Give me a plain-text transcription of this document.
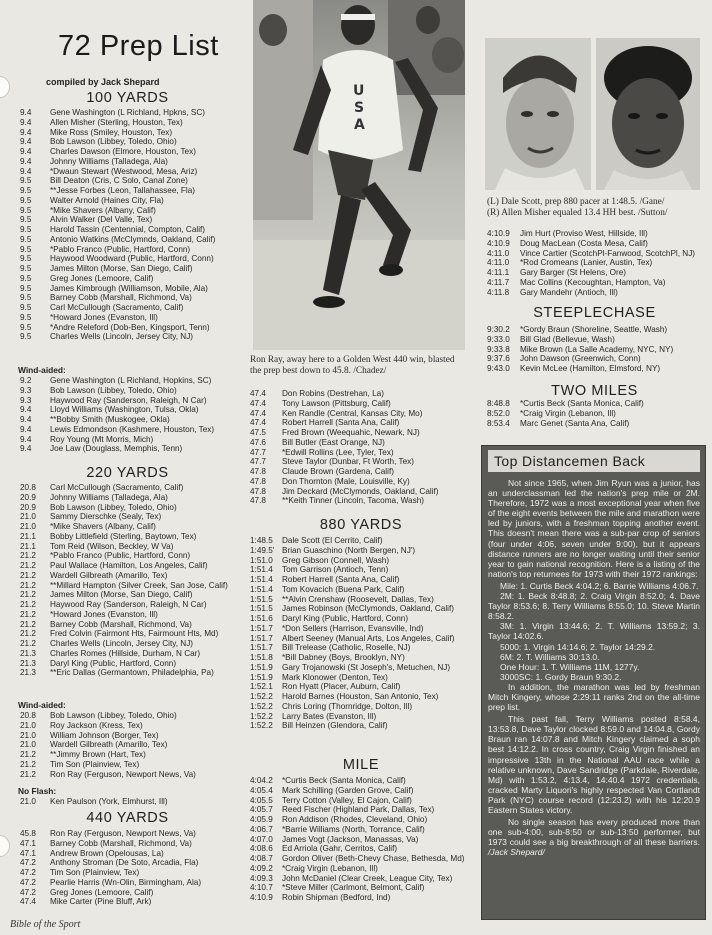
72 Prep List
compiled by Jack Shepard
100 YARDS
9.4	Gene Washington (L Richland, Hpkns, SC)
9.4	Allen Misher (Sterling, Houston, Tex)
9.4	Mike Ross (Smiley, Houston, Tex)
9.4	Bob Lawson (Libbey, Toledo, Ohio)
9.4	Charles Dawson (Elmore, Houston, Tex)
9.4	Johnny Williams (Talladega, Ala)
9.4	*Dwaun Stewart (Westwood, Mesa, Ariz)
9.5	Bill Deaton (Cris, C Solo, Canal Zone)
9.5	**Jesse Forbes (Leon, Tallahassee, Fla)
9.5	Walter Arnold (Haines City, Fla)
9.5	*Mike Shavers (Albany, Calif)
9.5	Alvin Walker (Del Valle, Tex)
9.5	Harold Tassin (Centennial, Compton, Calif)
9.5	Antonio Watkins (McClymnds, Oakland, Calif)
9.5	*Pablo Franco (Public, Hartford, Conn)
9.5	Haywood Woodward (Public, Hartford, Conn)
9.5	James Milton (Morse, San Diego, Calif)
9.5	Greg Jones (Lemoore, Calif)
9.5	James Kimbrough (Williamson, Mobile, Ala)
9.5	Barney Cobb (Marshall, Richmond, Va)
9.5	Carl McCullough (Sacramento, Calif)
9.5	*Howard Jones (Evanston, Ill)
9.5	*Andre Releford (Dob-Ben, Kingsport, Tenn)
9.5	Charles Wells (Lincoln, Jersey City, NJ)
Wind-aided:
9.2	Gene Washington (L Richland, Hopkins, SC)
9.3	Bob Lawson (Libbey, Toledo, Ohio)
9.3	Haywood Ray (Sanderson, Raleigh, N Car)
9.4	Lloyd Williams (Washington, Tulsa, Okla)
9.4	**Bobby Smith (Muskogee, Okla)
9.4	Lewis Edmondson (Kashmere, Houston, Tex)
9.4	Roy Young (Mt Morris, Mich)
9.4	Joe Law (Douglass, Memphis, Tenn)
220 YARDS
20.8	Carl McCullough (Sacramento, Calif)
20.9	Johnny Williams (Talladega, Ala)
20.9	Bob Lawson (Libbey, Toledo, Ohio)
21.0	Sammy Dierschke (Sealy, Tex)
21.0	*Mike Shavers (Albany, Calif)
21.1	Bobby Littlefield (Sterling, Baytown, Tex)
21.1	Tom Reid (Wilson, Beckley, W Va)
21.2	*Pablo Franco (Public, Hartford, Conn)
21.2	Paul Wallace (Hamilton, Los Angeles, Calif)
21.2	Wardell Gilbreath (Amarillo, Tex)
21.2	**Millard Hampton (Silver Creek, San Jose, Calif)
21.2	James Milton (Morse, San Diego, Calif)
21.2	Haywood Ray (Sanderson, Raleigh, N Car)
21.2	*Howard Jones (Evanston, Ill)
21.2	Barney Cobb (Marshall, Richmond, Va)
21.2	Fred Colvin (Fairmont Hts, Fairmount Hts, Md)
21.2	Charles Wells (Lincoln, Jersey City, NJ)
21.3	Charles Romes (Hillside, Durham, N Car)
21.3	Daryl King (Public, Hartford, Conn)
21.3	**Eric Dallas (Germantown, Philadelphia, Pa)
Wind-aided:
20.8	Bob Lawson (Libbey, Toledo, Ohio)
21.0	Roy Jackson (Kress, Tex)
21.0	William Johnson (Borger, Tex)
21.0	Wardell Gilbreath (Amarillo, Tex)
21.2	**Jimmy Brown (Hart, Tex)
21.2	Tim Son (Plainview, Tex)
21.2	Ron Ray (Ferguson, Newport News, Va)
No Flash:
21.0	Ken Paulson (York, Elmhurst, Ill)
440 YARDS
45.8	Ron Ray (Ferguson, Newport News, Va)
47.1	Barney Cobb (Marshall, Richmond, Va)
47.1	Andrew Brown (Opelousas, La)
47.2	Anthony Stroman (De Soto, Arcadia, Fla)
47.2	Tim Son (Plainview, Tex)
47.2	Pearlie Harris (Wn-Olin, Birmingham, Ala)
47.2	Greg Jones (Lemoore, Calif)
47.4	Mike Carter (Pine Bluff, Ark)
Bible of the Sport
U
S
A
Ron Ray, away here to a Golden West 440 win, blasted the prep best down to 45.8. /Chadez/
47.4	Don Robins (Destrehan, La)
47.4	Tony Lawson (Pittsburg, Calif)
47.4	Ken Randle (Central, Kansas City, Mo)
47.4	Robert Harrell (Santa Ana, Calif)
47.5	Fred Brown (Weequahic, Newark, NJ)
47.6	Bill Butler (East Orange, NJ)
47.7	*Edwill Rollins (Lee, Tyler, Tex)
47.7	Steve Taylor (Dunbar, Ft Worth, Tex)
47.8	Claude Brown (Gardena, Calif)
47.8	Don Thornton (Male, Louisville, Ky)
47.8	Jim Deckard (McClymonds, Oakland, Calif)
47.8	**Keith Tinner (Lincoln, Tacoma, Wash)
880 YARDS
1:48.5	Dale Scott (El Cerrito, Calif)
1:49.5' Brian Guaschino (North Bergen, NJ')
1:51.0	Greg Gibson (Connell, Wash)
1:51.4	Tom Garrison (Antioch, Tenn)
1:51.4	Robert Harrell (Santa Ana, Calif)
1:51.4	Tom Kovacich (Buena Park, Calif)
1:51.5	**Alvin Crenshaw (Roosevelt, Dallas, Tex)
1:51.5	James Robinson (McClymonds, Oakland, Calif)
1:51.6	Daryl King (Public, Hartford, Conn)
1:51.7	*Don Sellers (Harrison, Evansville, Ind)
1:51.7	Albert Seeney (Manual Arts, Los Angeles, Calif)
1:51.7	Bill Trelease (Catholic, Roselle, NJ)
1:51.8	*Bill Dabney (Boys, Brooklyn, NY)
1:51.9	Gary Trojanowski (St Joseph's, Metuchen, NJ)
1:51.9	Mark Klonower (Denton, Tex)
1:52.1	Ron Hyatt (Placer, Auburn, Calif)
1:52.2	Harold Barnes (Houston, San Antonio, Tex)
1:52.2	Chris Loring (Thornridge, Dolton, Ill)
1:52.2	Larry Bates (Evanston, Ill)
1:52.2	Bill Heinzen (Glendora, Calif)
MILE
4:04.2	*Curtis Beck (Santa Monica, Calif)
4:05.4	Mark Schilling (Garden Grove, Calif)
4:05.5	Terry Cotton (Valley, El Cajon, Calif)
4:05.7	Reed Fischer (Highland Park, Dallas, Tex)
4:05.9	Ron Addison (Rhodes, Cleveland, Ohio)
4:06.7	*Barrie Williams (North, Torrance, Calif)
4:07.0	James Vogt (Jackson, Manassas, Va)
4:08.6	Ed Arriola (Gahr, Cerritos, Calif)
4:08.7	Gordon Oliver (Beth-Chevy Chase, Bethesda, Md)
4:09.2	*Craig Virgin (Lebanon, Ill)
4:09.3	John McDaniel (Clear Creek, League City, Tex)
4:10.7	*Steve Miller (Carlmont, Belmont, Calif)
4:10.9	Robin Shipman (Bedford, Ind)
(L) Dale Scott, prep 880 pacer at 1:48.5. /Gane/
(R) Allen Misher equaled 13.4 HH best. /Sutton/
4:10.9	Jim Hurt (Proviso West, Hillside, Ill)
4:10.9	Doug MacLean (Costa Mesa, Calif)
4:11.0	Vince Cartier (ScotchPl-Fanwood, ScotchPl, NJ)
4:11.0	*Rod Cromeans (Lanier, Austin, Tex)
4:11.1	Gary Barger (St Helens, Ore)
4:11.7	Mac Collins (Kecoughtan, Hampton, Va)
4:11.8	Gary Mandehr (Antioch, Ill)
STEEPLECHASE
9:30.2	*Gordy Braun (Shoreline, Seattle, Wash)
9:33.0	Bill Glad (Bellevue, Wash)
9:33.8	Mike Brown (La Salle Academy, NYC, NY)
9:37.6	John Dawson (Greenwich, Conn)
9:43.0	Kevin McLee (Hamilton, Elmsford, NY)
TWO MILES
8:48.8	*Curtis Beck (Santa Monica, Calif)
8:52.0	*Craig Virgin (Lebanon, Ill)
8:53.4	Marc Genet (Santa Ana, Calif)
Top Distancemen Back

Not since 1965, when Jim Ryun was a junior, has an underclassman led the nation's prep mile or 2M. Therefore, 1972 was a most exceptional year when five of the eight events between the mile and marathon were led by juniors, with a freshman topping another event. This doesn't mean there was a sub-par crop of seniors (four under 4:06, seven under 9:00), but it appears distance runners are no longer waiting until their senior year to gain national recognition. Here is a listing of the nation's top returnees for 1973 with their 1972 rankings:

Mile: 1. Curtis Beck 4:04.2; 6. Barrie Williams 4:06.7.

2M: 1. Beck 8:48.8; 2. Craig Virgin 8:52.0; 4. Dave Taylor 8:53.6; 8. Terry Williams 8:55.0; 10. Steve Martin 8:58.2.

3M: 1. Virgin 13:44.6; 2. T. Williams 13:59.2; 3. Taylor 14:02.6.

5000: 1. Virgin 14:14.6; 2. Taylor 14:29.2.

6M: 2. T. Williams 30:13.0.

One Hour: 1. T. Williams 11M, 1277y.

3000SC: 1. Gordy Braun 9:30.2.

In addition, the marathon was led by freshman Mitch Kingery, whose 2:29:11 ranks 2nd on the all-time prep list.

This past fall, Terry Williams posted 8:58.4, 13:53.8, Dave Taylor clocked 8:59.0 and 14:04.8, Gordy Braun ran 14:07.8 and Mitch Kingery claimed a soph best 14:12.2. In cross country, Craig Virgin finished an impressive 13th in the National AAU race while a relative unknown, Dave Sandridge (Parkdale, Riverdale, Md) with 1:53.2, 4:13.4, 14:40.4 1972 credentials, cracked Marty Liquori's highly respected Van Cortlandt Park (NYC) course record (12:23.2) with his 12:20.9 Eastern States victory.

No single season has every produced more than one sub-4:00, sub-8:50 or sub-13:50 performer, but 1973 could see a big breakthrough of all these barriers. /Jack Shepard/
